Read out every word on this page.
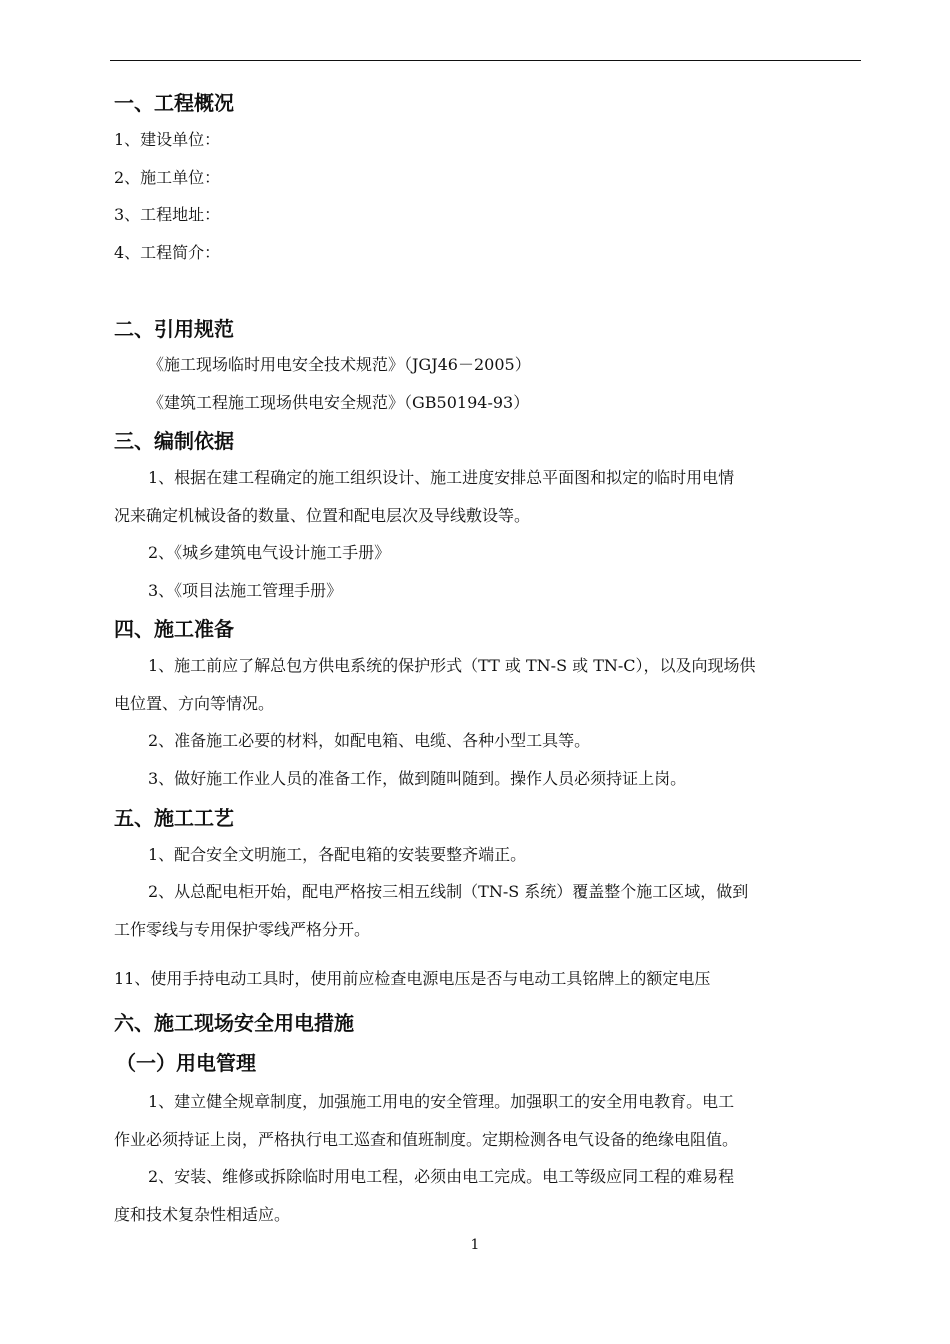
一、工程概况
1、建设单位：
2、施工单位：
3、工程地址：
4、工程简介：
二、引用规范
《施工现场临时用电安全技术规范》（JGJ46－2005）
《建筑工程施工现场供电安全规范》（GB50194-93）
三、编制依据
1、根据在建工程确定的施工组织设计、施工进度安排总平面图和拟定的临时用电情
况来确定机械设备的数量、位置和配电层次及导线敷设等。
2、《城乡建筑电气设计施工手册》
3、《项目法施工管理手册》
四、施工准备
1、施工前应了解总包方供电系统的保护形式（TT 或 TN-S 或 TN-C），以及向现场供
电位置、方向等情况。
2、准备施工必要的材料，如配电箱、电缆、各种小型工具等。
3、做好施工作业人员的准备工作，做到随叫随到。操作人员必须持证上岗。
五、施工工艺
1、配合安全文明施工，各配电箱的安装要整齐端正。
2、从总配电柜开始，配电严格按三相五线制（TN-S 系统）覆盖整个施工区域，做到
工作零线与专用保护零线严格分开。
11、使用手持电动工具时，使用前应检查电源电压是否与电动工具铭牌上的额定电压
六、施工现场安全用电措施
（一）用电管理
1、建立健全规章制度，加强施工用电的安全管理。加强职工的安全用电教育。电工
作业必须持证上岗，严格执行电工巡查和值班制度。定期检测各电气设备的绝缘电阻值。
2、安装、维修或拆除临时用电工程，必须由电工完成。电工等级应同工程的难易程
度和技术复杂性相适应。
1
